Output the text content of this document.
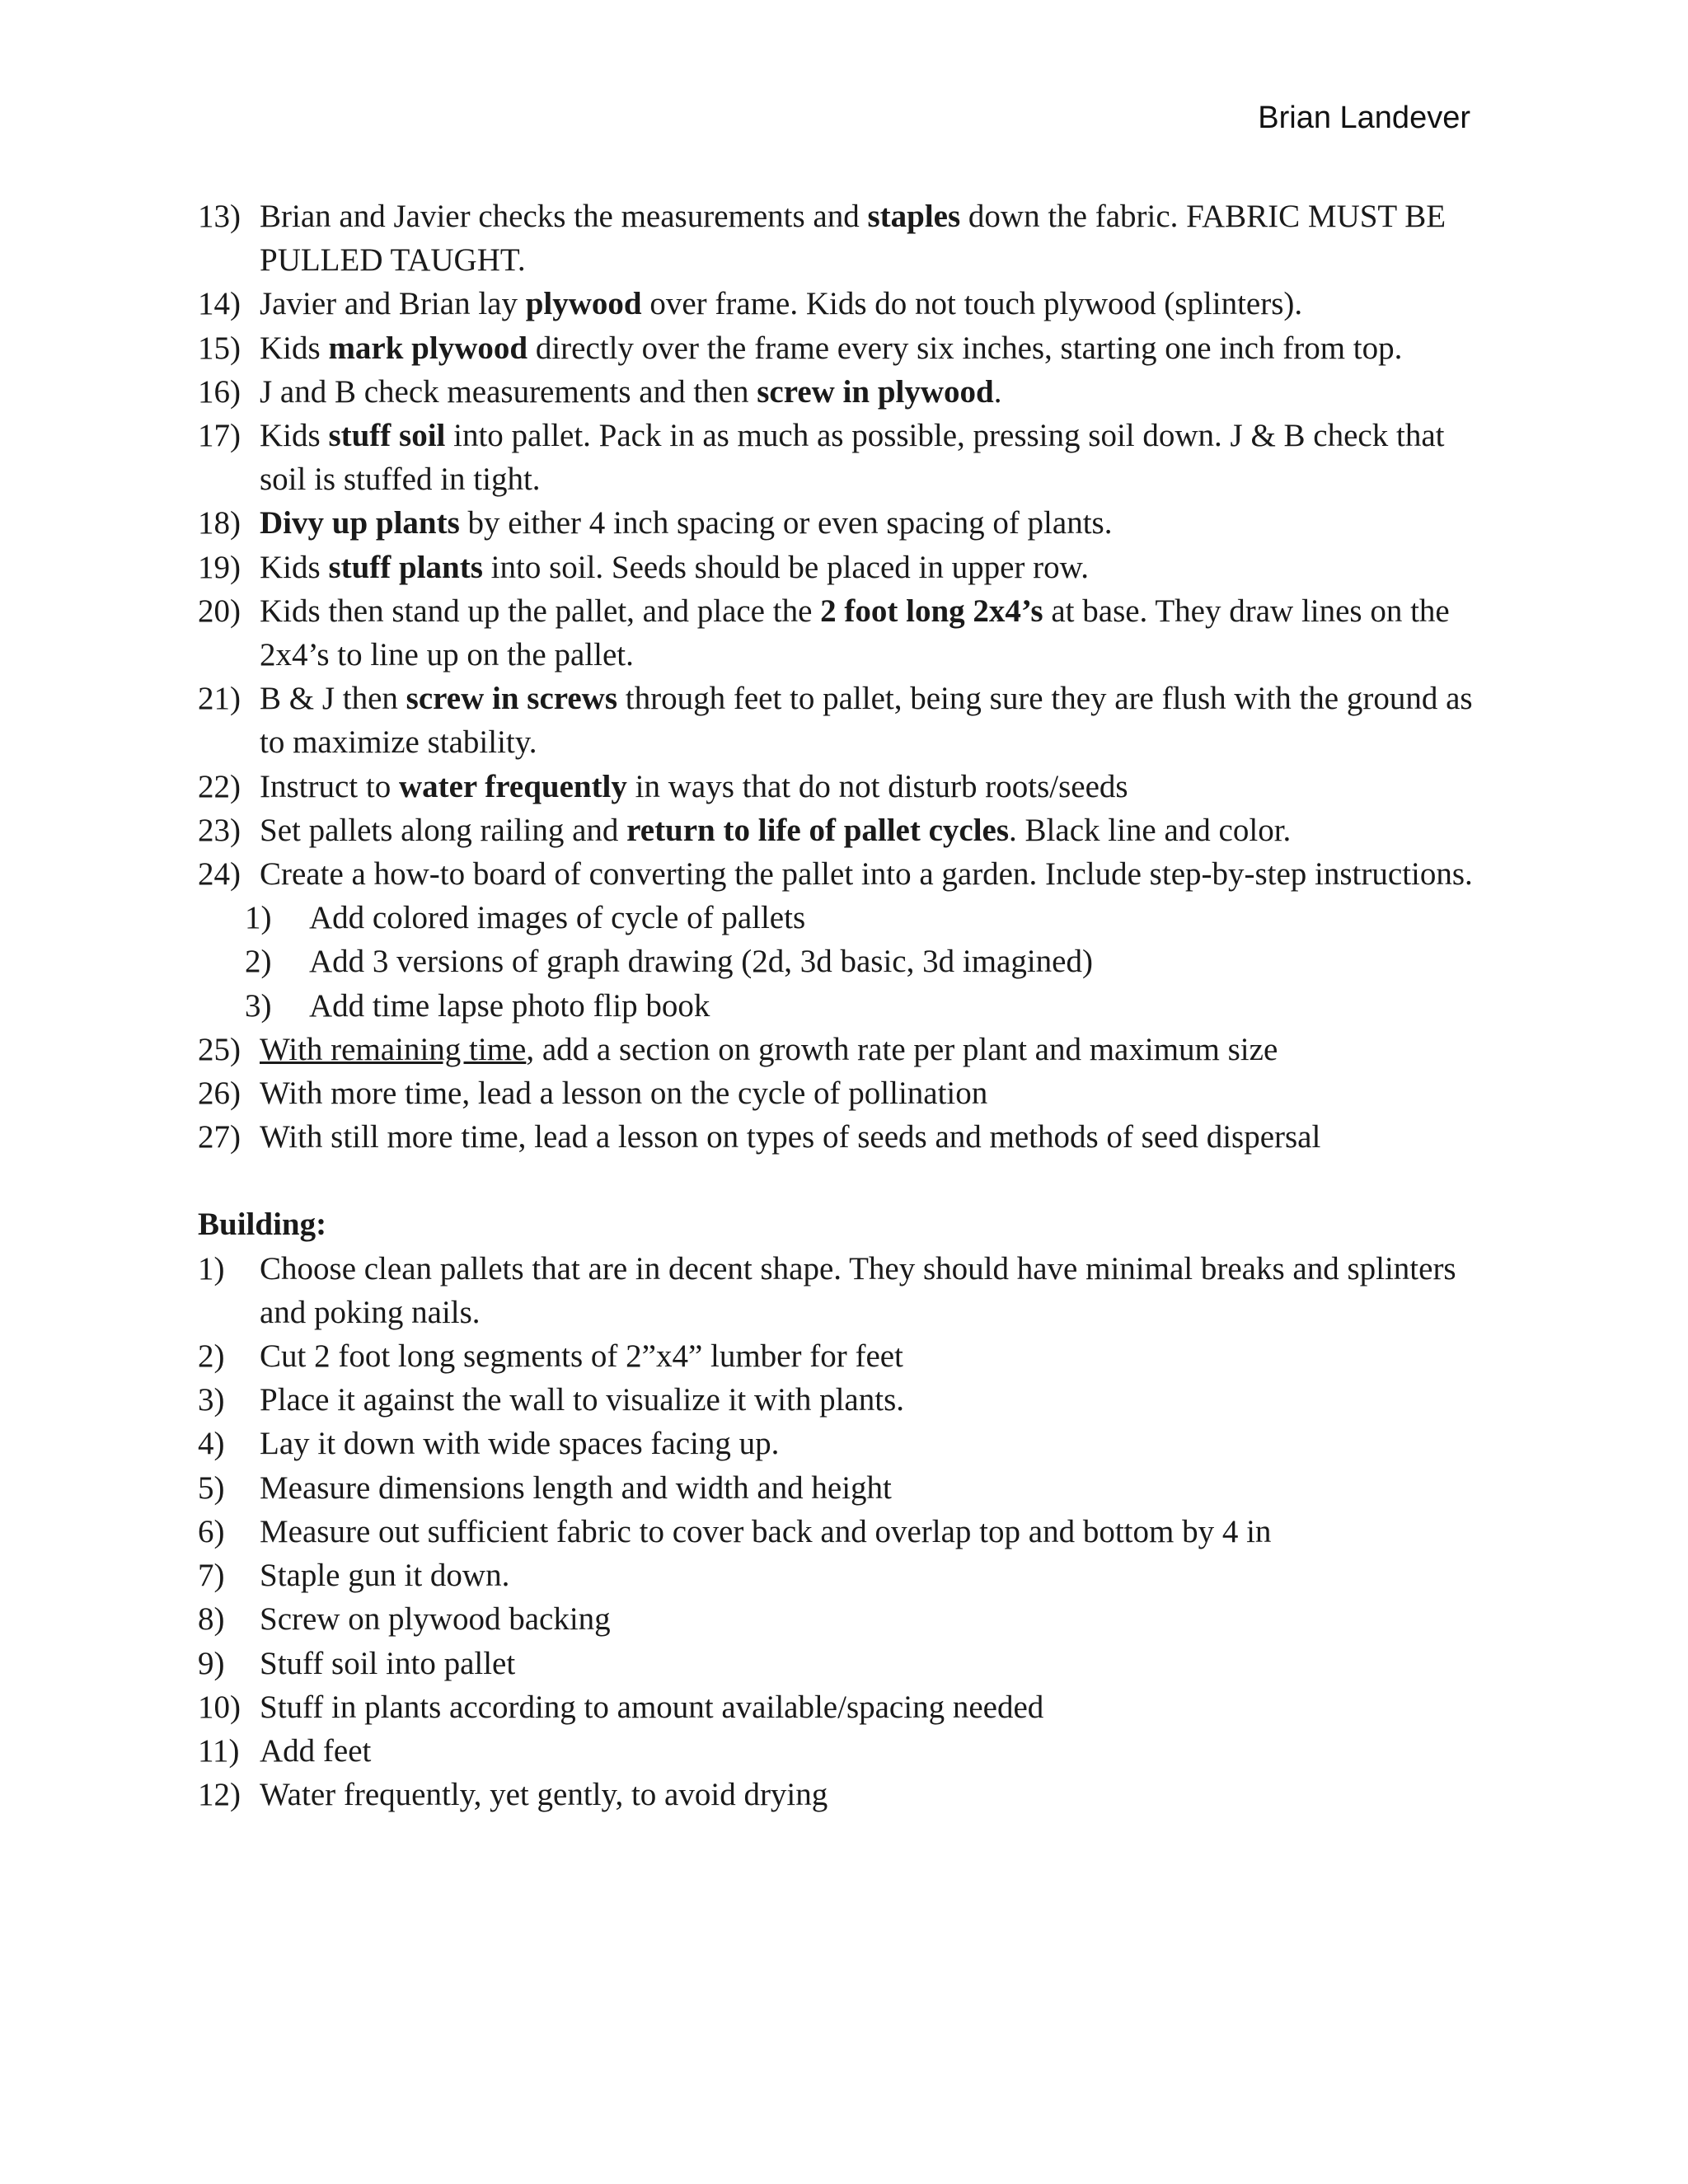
Brian Landever
13) Brian and Javier checks the measurements and staples down the fabric. FABRIC MUST BE PULLED TAUGHT.
14) Javier and Brian lay plywood over frame. Kids do not touch plywood (splinters).
15) Kids mark plywood directly over the frame every six inches, starting one inch from top.
16) J and B check measurements and then screw in plywood.
17) Kids stuff soil into pallet. Pack in as much as possible, pressing soil down. J & B check that soil is stuffed in tight.
18) Divy up plants by either 4 inch spacing or even spacing of plants.
19) Kids stuff plants into soil. Seeds should be placed in upper row.
20) Kids then stand up the pallet, and place the 2 foot long 2x4’s at base. They draw lines on the 2x4’s to line up on the pallet.
21) B & J then screw in screws through feet to pallet, being sure they are flush with the ground as to maximize stability.
22) Instruct to water frequently in ways that do not disturb roots/seeds
23) Set pallets along railing and return to life of pallet cycles. Black line and color.
24) Create a how-to board of converting the pallet into a garden. Include step-by-step instructions.
1) Add colored images of cycle of pallets
2) Add 3 versions of graph drawing (2d, 3d basic, 3d imagined)
3) Add time lapse photo flip book
25) With remaining time, add a section on growth rate per plant and maximum size
26) With more time, lead a lesson on the cycle of pollination
27) With still more time, lead a lesson on types of seeds and methods of seed dispersal
Building:
1) Choose clean pallets that are in decent shape. They should have minimal breaks and splinters and poking nails.
2) Cut 2 foot long segments of 2”x4” lumber for feet
3) Place it against the wall to visualize it with plants.
4) Lay it down with wide spaces facing up.
5) Measure dimensions length and width and height
6) Measure out sufficient fabric to cover back and overlap top and bottom by 4 in
7) Staple gun it down.
8) Screw on plywood backing
9) Stuff soil into pallet
10) Stuff in plants according to amount available/spacing needed
11) Add feet
12) Water frequently, yet gently, to avoid drying
